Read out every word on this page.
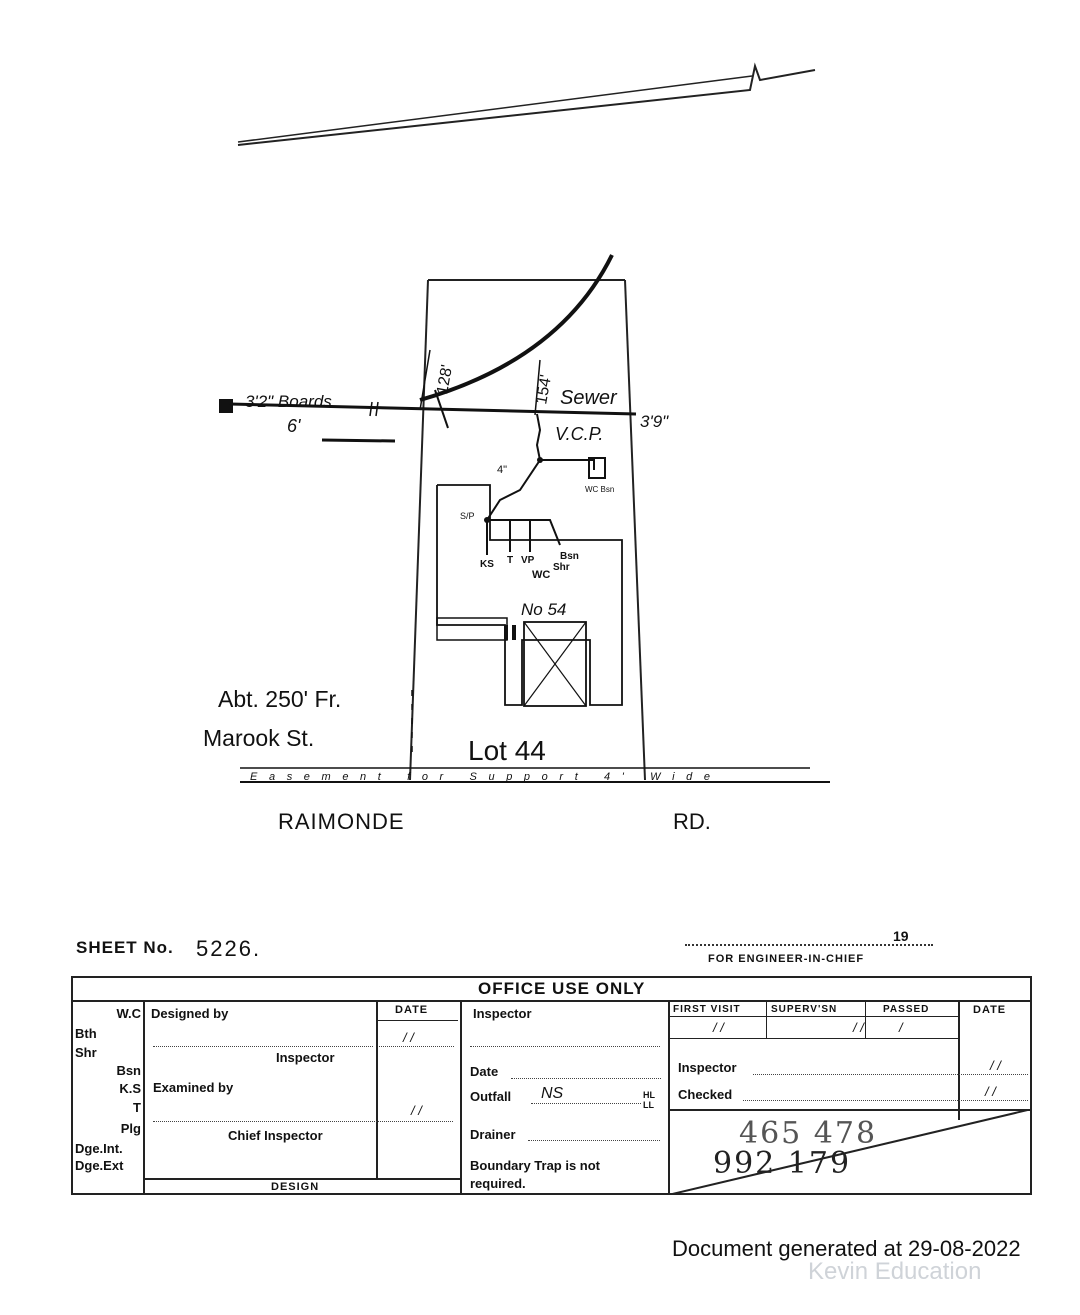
3'2" Boards	Sewer
3'9"
6'	V.C.P.
128'	154'
4"
WC Bsn
S/P
KS T VP	Bsn
Shr
WC
No 54
Abt. 250' Fr.
Marook St.	Lot 44
Easement for Support 4' Wide
RAIMONDE	RD.
SHEET No. 5226.	19
FOR ENGINEER-IN-CHIEF
OFFICE USE ONLY
W.C
Bth
Shr
Bsn
K.S
T
Plg
Dge.Int.
Dge.Ext
Designed by	DATE
/ /
Inspector
Examined by
/ /
Chief Inspector
DESIGN
Inspector
Date
Outfall NS	HL
LL
Drainer
Boundary Trap is not
required.
FIRST VISIT	SUPERV'SN	PASSED	DATE
/ /	/ /	/
Inspector	/ /
Checked	/ /
465 478
992 179
Document generated at 29-08-2022
Kevin Education
